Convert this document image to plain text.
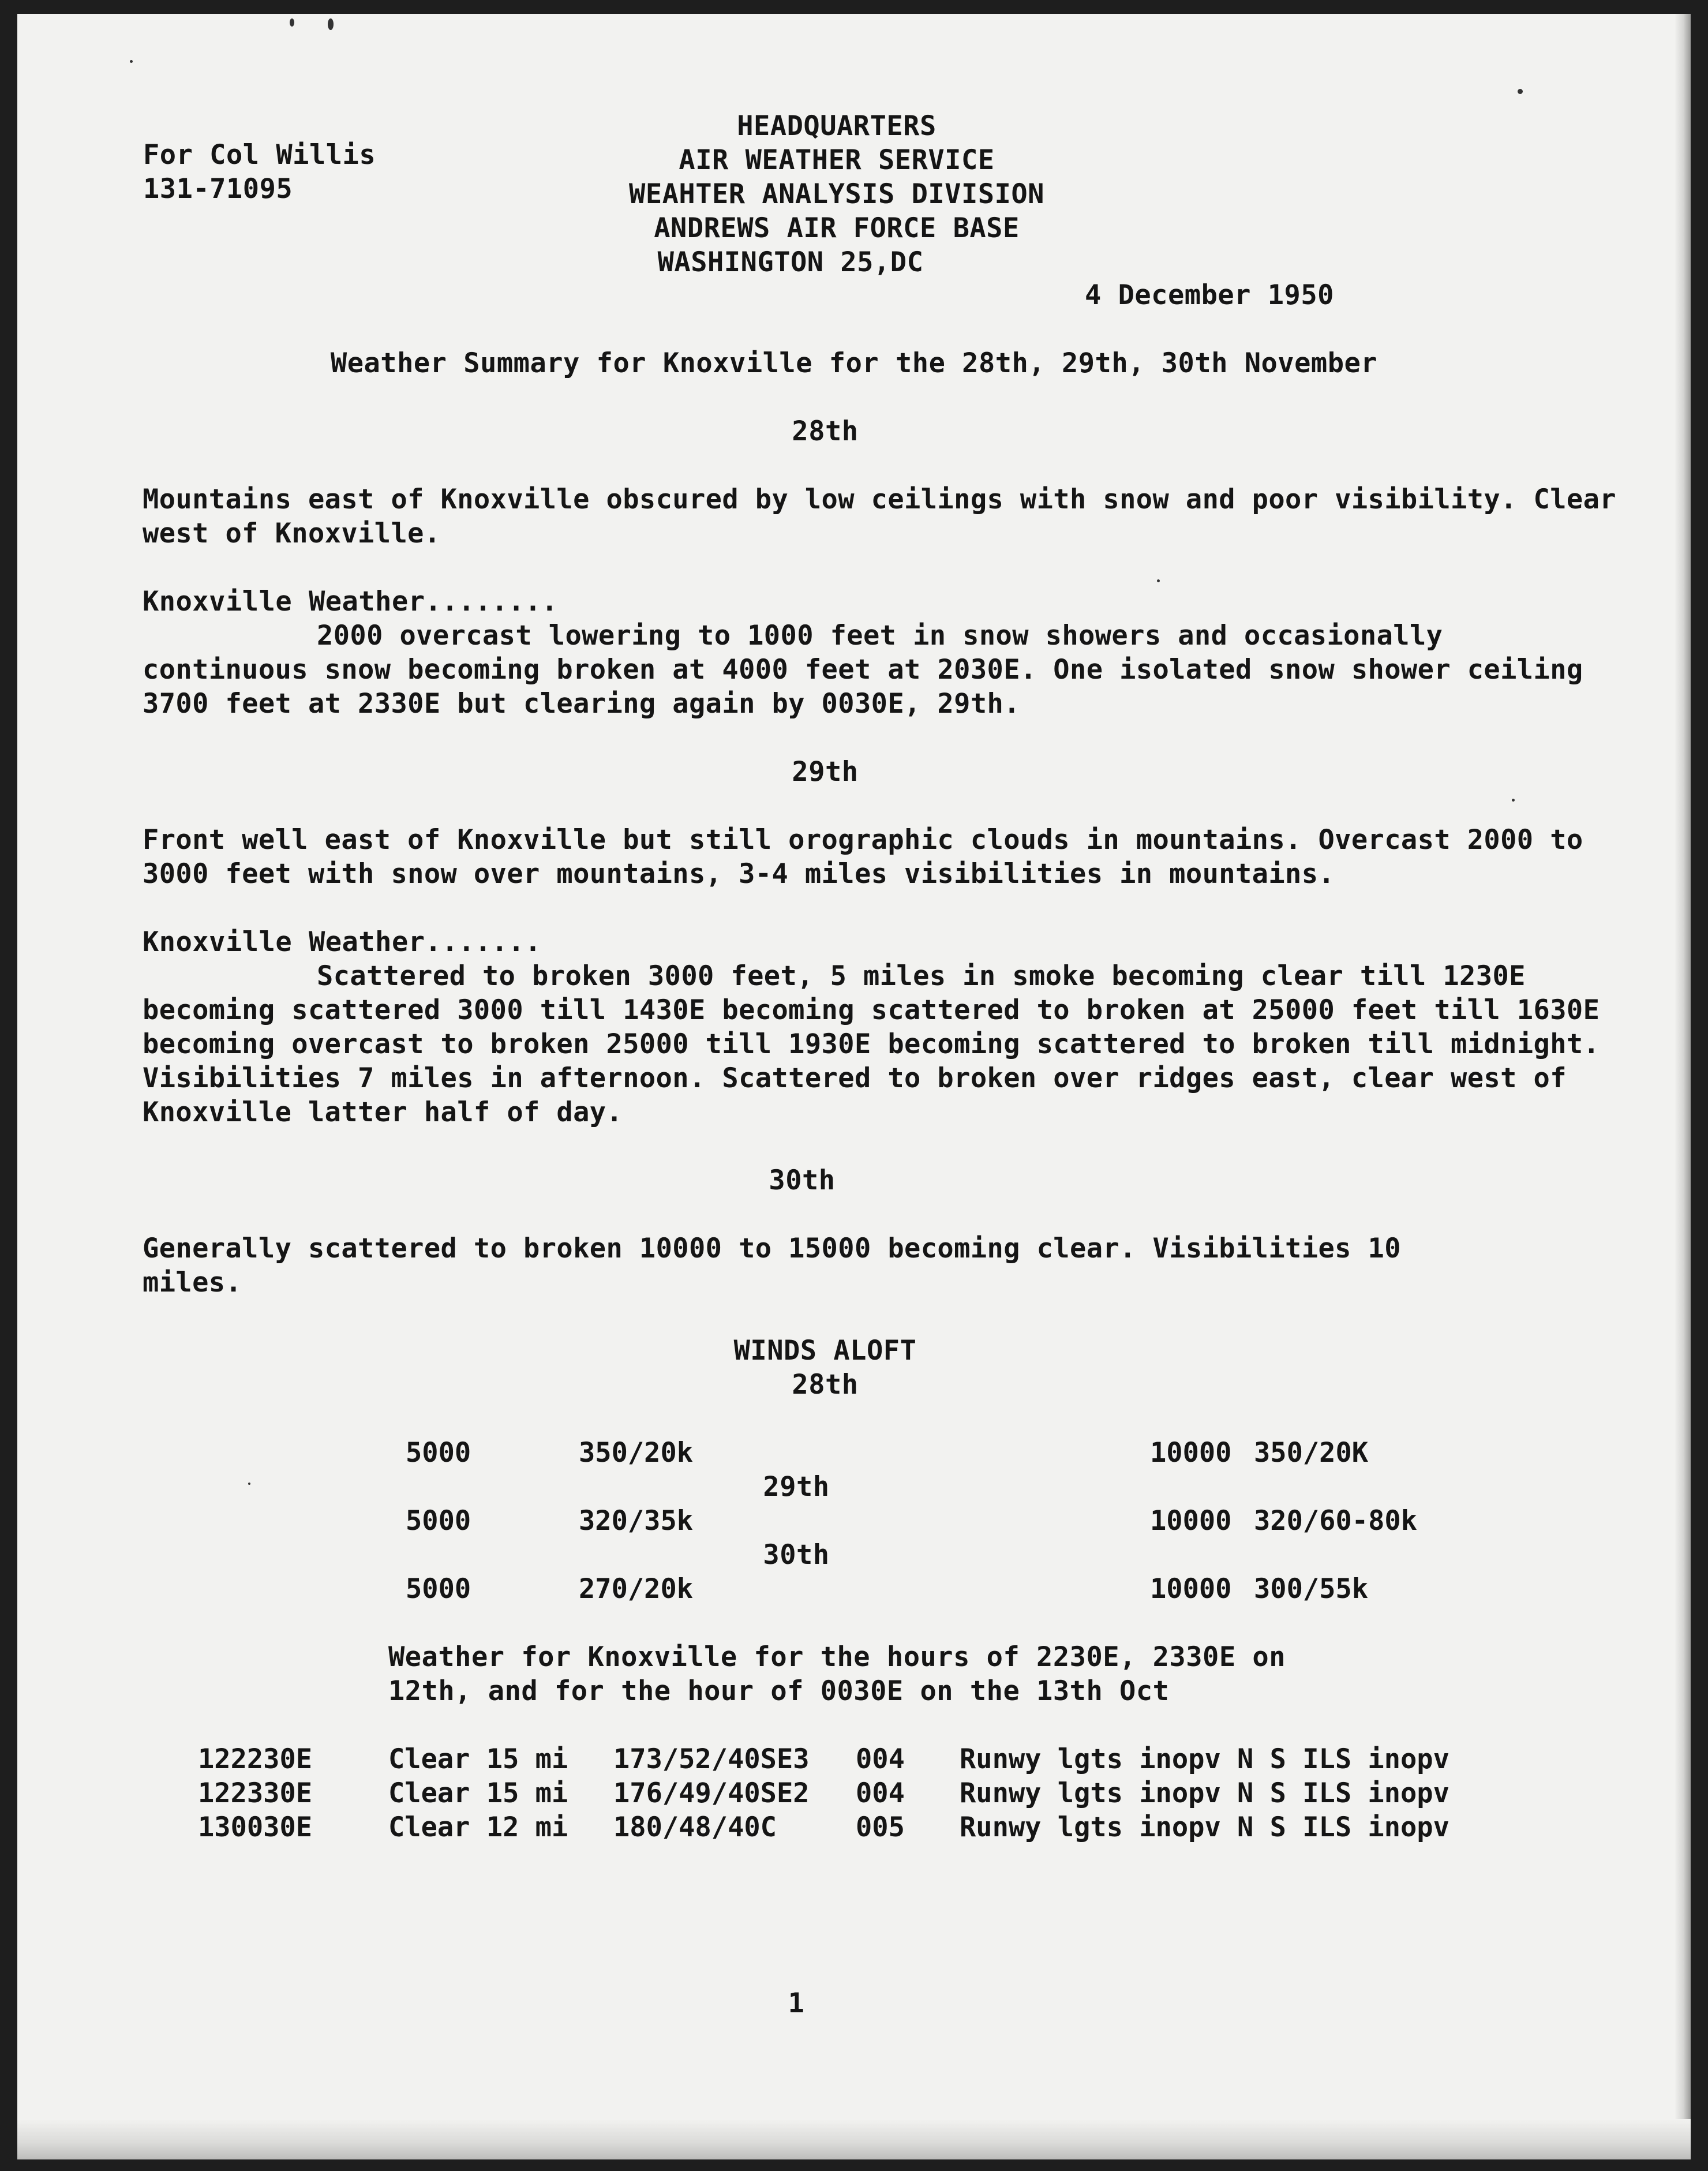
For Col Willis
131-71095
HEADQUARTERS
AIR WEATHER SERVICE
WEAHTER ANALYSIS DIVISION
ANDREWS AIR FORCE BASE
WASHINGTON 25,DC
4 December 1950
Weather Summary for Knoxville for the 28th, 29th, 30th November
28th

Mountains east of Knoxville obscured by low ceilings with snow and poor visibility. Clear west of Knoxville.

Knoxville Weather........

2000 overcast lowering to 1000 feet in snow showers and occasionally continuous snow becoming broken at 4000 feet at 2030E. One isolated snow shower ceiling 3700 feet at 2330E but clearing again by 0030E, 29th.

29th

Front well east of Knoxville but still orographic clouds in mountains. Overcast 2000 to 3000 feet with snow over mountains, 3-4 miles visibilities in mountains.

Knoxville Weather.......

Scattered to broken 3000 feet, 5 miles in smoke becoming clear till 1230E becoming scattered 3000 till 1430E becoming scattered to broken at 25000 feet till 1630E becoming overcast to broken 25000 till 1930E becoming scattered to broken till midnight. Visibilities 7 miles in afternoon. Scattered to broken over ridges east, clear west of Knoxville latter half of day.

30th

Generally scattered to broken 10000 to 15000 becoming clear. Visibilities 10 miles.

WINDS ALOFT
28th
5000	350/20k	10000 350/20K
29th
5000	320/35k	10000 320/60-80k
30th
5000	270/20k	10000 300/55k
Weather for Knoxville for the hours of 2230E, 2330E on
12th, and for the hour of 0030E on the 13th Oct
122230E	Clear 15 mi 173/52/40SE3 004 Runwy lgts inopv N S ILS inopv
122330E	Clear 15 mi 176/49/40SE2 004 Runwy lgts inopv N S ILS inopv
130030E	Clear 12 mi 180/48/40C	005 Runwy lgts inopv N S ILS inopv
1
